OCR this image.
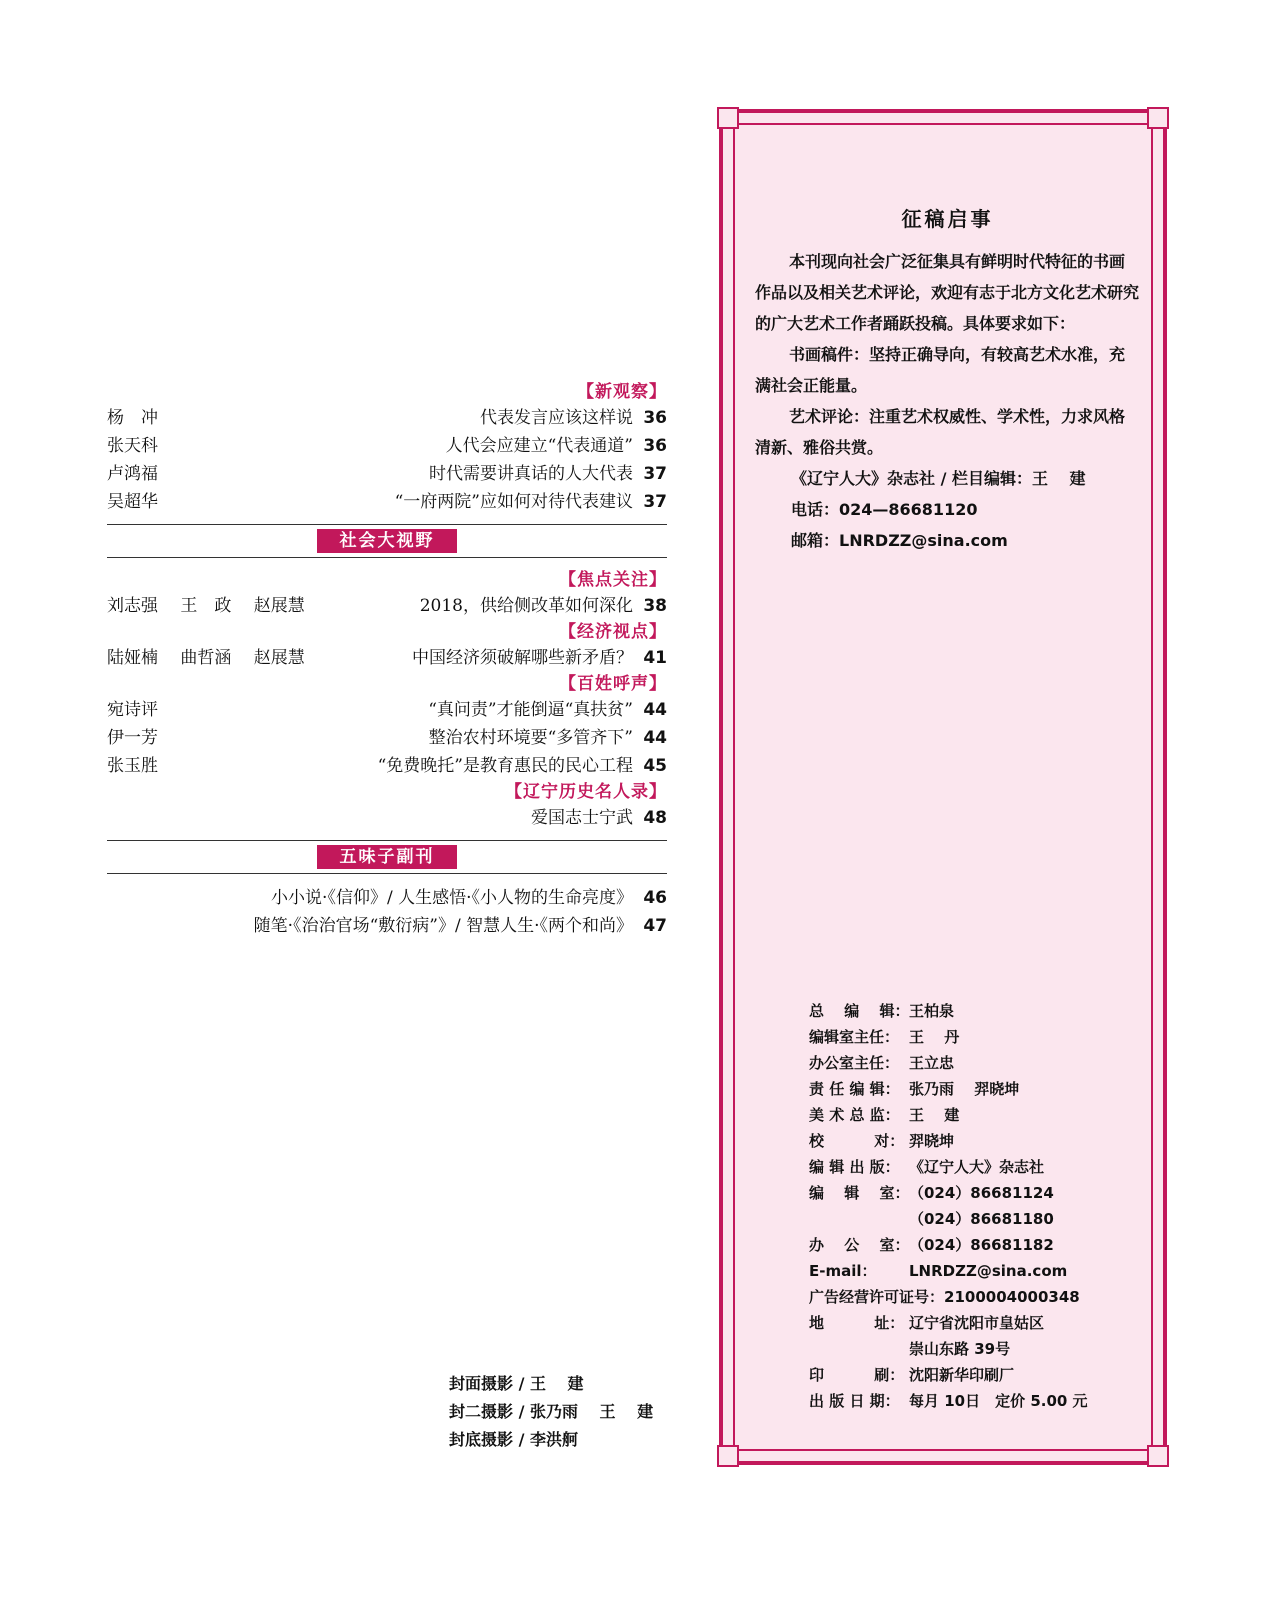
【新观察】
杨　冲	代表发言应该这样说 36
张天科	人代会应建立“代表通道” 36
卢鸿福	时代需要讲真话的人大代表 37
吴超华	“一府两院”应如何对待代表建议 37
社会大视野
【焦点关注】
刘志强　 王　政　 赵展慧	2018，供给侧改革如何深化 38
【经济视点】
陆娅楠　 曲哲涵　 赵展慧	中国经济须破解哪些新矛盾？ 41
【百姓呼声】
宛诗评	“真问责”才能倒逼“真扶贫” 44
伊一芳	整治农村环境要“多管齐下” 44
张玉胜	“免费晚托”是教育惠民的民心工程 45
【辽宁历史名人录】
爱国志士宁武 48
五味子副刊
小小说·《信仰》/ 人生感悟·《小人物的生命亮度》 46
随笔·《治治官场“敷衍病”》/ 智慧人生·《两个和尚》 47
封面摄影 / 王　 建
封二摄影 / 张乃雨　 王　 建
封底摄影 / 李洪舸
征稿启事

本刊现向社会广泛征集具有鲜明时代特征的书画作品以及相关艺术评论，欢迎有志于北方文化艺术研究的广大艺术工作者踊跃投稿。具体要求如下：

书画稿件：坚持正确导向，有较高艺术水准，充满社会正能量。

艺术评论：注重艺术权威性、学术性，力求风格清新、雅俗共赏。

《辽宁人大》杂志社 / 栏目编辑：王　 建
电话：024—86681120
邮箱：LNRDZZ@sina.com
总　 编　 辑：王柏泉
编辑室主任： 王　 丹
办公室主任： 王立忠
责 任 编 辑： 张乃雨　 羿晓坤
美 术 总 监： 王　 建
校　　　 对： 羿晓坤
编 辑 出 版： 《辽宁人大》杂志社
编　 辑　 室：（024）86681124
（024）86681180
办　 公　 室：（024）86681182
E-mail： LNRDZZ@sina.com
广告经营许可证号：2100004000348
地　　　 址： 辽宁省沈阳市皇姑区
崇山东路 39号
印　　　 刷： 沈阳新华印刷厂
出 版 日 期： 每月 10日　定价 5.00 元
